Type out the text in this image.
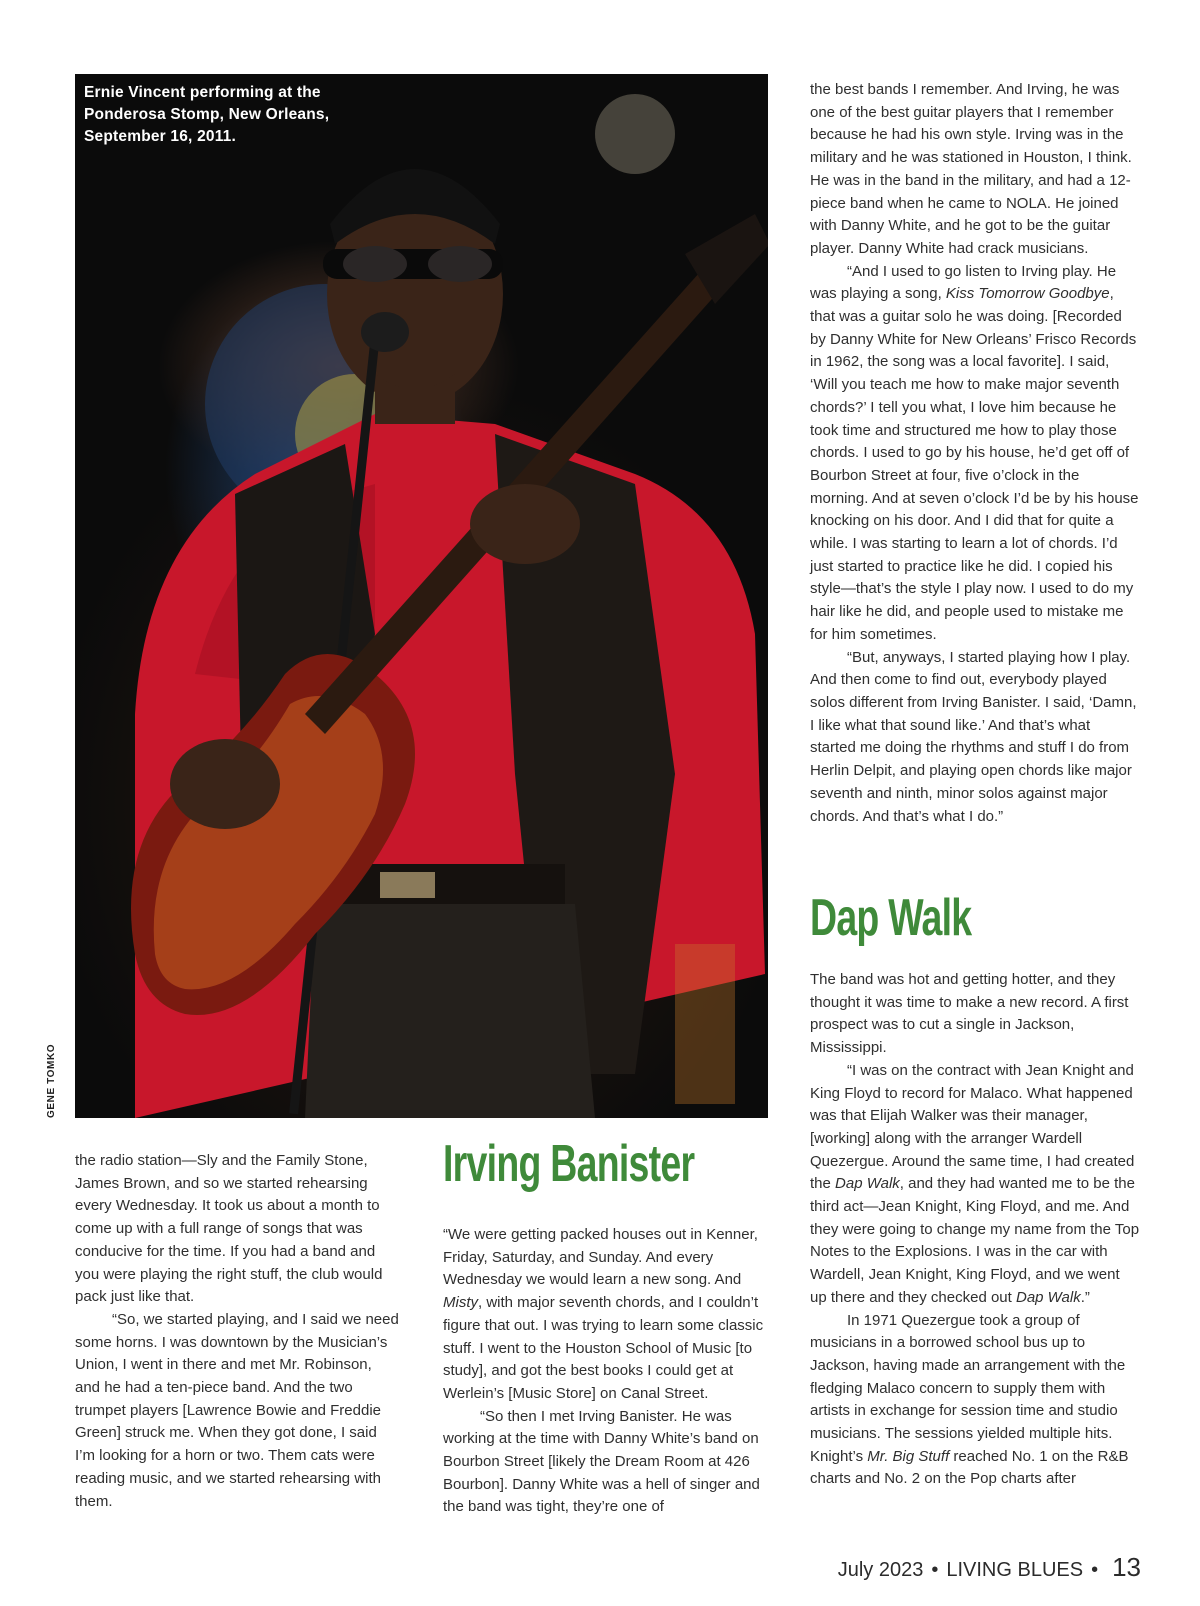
Ernie Vincent performing at the Ponderosa Stomp, New Orleans, September 16, 2011.
GENE TOMKO

the radio station—Sly and the Family Stone, James Brown, and so we started rehearsing every Wednesday. It took us about a month to come up with a full range of songs that was conducive for the time. If you had a band and you were playing the right stuff, the club would pack just like that.

“So, we started playing, and I said we need some horns. I was downtown by the Musician’s Union, I went in there and met Mr. Robinson, and he had a ten-piece band. And the two trumpet players [Lawrence Bowie and Freddie Green] struck me. When they got done, I said I’m looking for a horn or two. Them cats were reading music, and we started rehearsing with them.

Irving Banister

“We were getting packed houses out in Kenner, Friday, Saturday, and Sunday. And every Wednesday we would learn a new song. And Misty, with major seventh chords, and I couldn’t figure that out. I was trying to learn some classic stuff. I went to the Houston School of Music [to study], and got the best books I could get at Werlein’s [Music Store] on Canal Street.

“So then I met Irving Banister. He was working at the time with Danny White’s band on Bourbon Street [likely the Dream Room at 426 Bourbon]. Danny White was a hell of singer and the band was tight, they’re one of

the best bands I remember. And Irving, he was one of the best guitar players that I remember because he had his own style. Irving was in the military and he was stationed in Houston, I think. He was in the band in the military, and had a 12-piece band when he came to NOLA. He joined with Danny White, and he got to be the guitar player. Danny White had crack musicians.

“And I used to go listen to Irving play. He was playing a song, Kiss Tomorrow Goodbye, that was a guitar solo he was doing. [Recorded by Danny White for New Orleans’ Frisco Records in 1962, the song was a local favorite]. I said, ‘Will you teach me how to make major seventh chords?’ I tell you what, I love him because he took time and structured me how to play those chords. I used to go by his house, he’d get off of Bourbon Street at four, five o’clock in the morning. And at seven o’clock I’d be by his house knocking on his door. And I did that for quite a while. I was starting to learn a lot of chords. I’d just started to practice like he did. I copied his style—that’s the style I play now. I used to do my hair like he did, and people used to mistake me for him sometimes.

“But, anyways, I started playing how I play. And then come to find out, everybody played solos different from Irving Banister. I said, ‘Damn, I like what that sound like.’ And that’s what started me doing the rhythms and stuff I do from Herlin Delpit, and playing open chords like major seventh and ninth, minor solos against major chords. And that’s what I do.”

Dap Walk

The band was hot and getting hotter, and they thought it was time to make a new record. A first prospect was to cut a single in Jackson, Mississippi.

“I was on the contract with Jean Knight and King Floyd to record for Malaco. What happened was that Elijah Walker was their manager, [working] along with the arranger Wardell Quezergue. Around the same time, I had created the Dap Walk, and they had wanted me to be the third act—Jean Knight, King Floyd, and me. And they were going to change my name from the Top Notes to the Explosions. I was in the car with Wardell, Jean Knight, King Floyd, and we went up there and they checked out Dap Walk.”

In 1971 Quezergue took a group of musicians in a borrowed school bus up to Jackson, having made an arrangement with the fledging Malaco concern to supply them with artists in exchange for session time and studio musicians. The sessions yielded multiple hits. Knight’s Mr. Big Stuff reached No. 1 on the R&B charts and No. 2 on the Pop charts after

July 2023 • LIVING BLUES • 13
